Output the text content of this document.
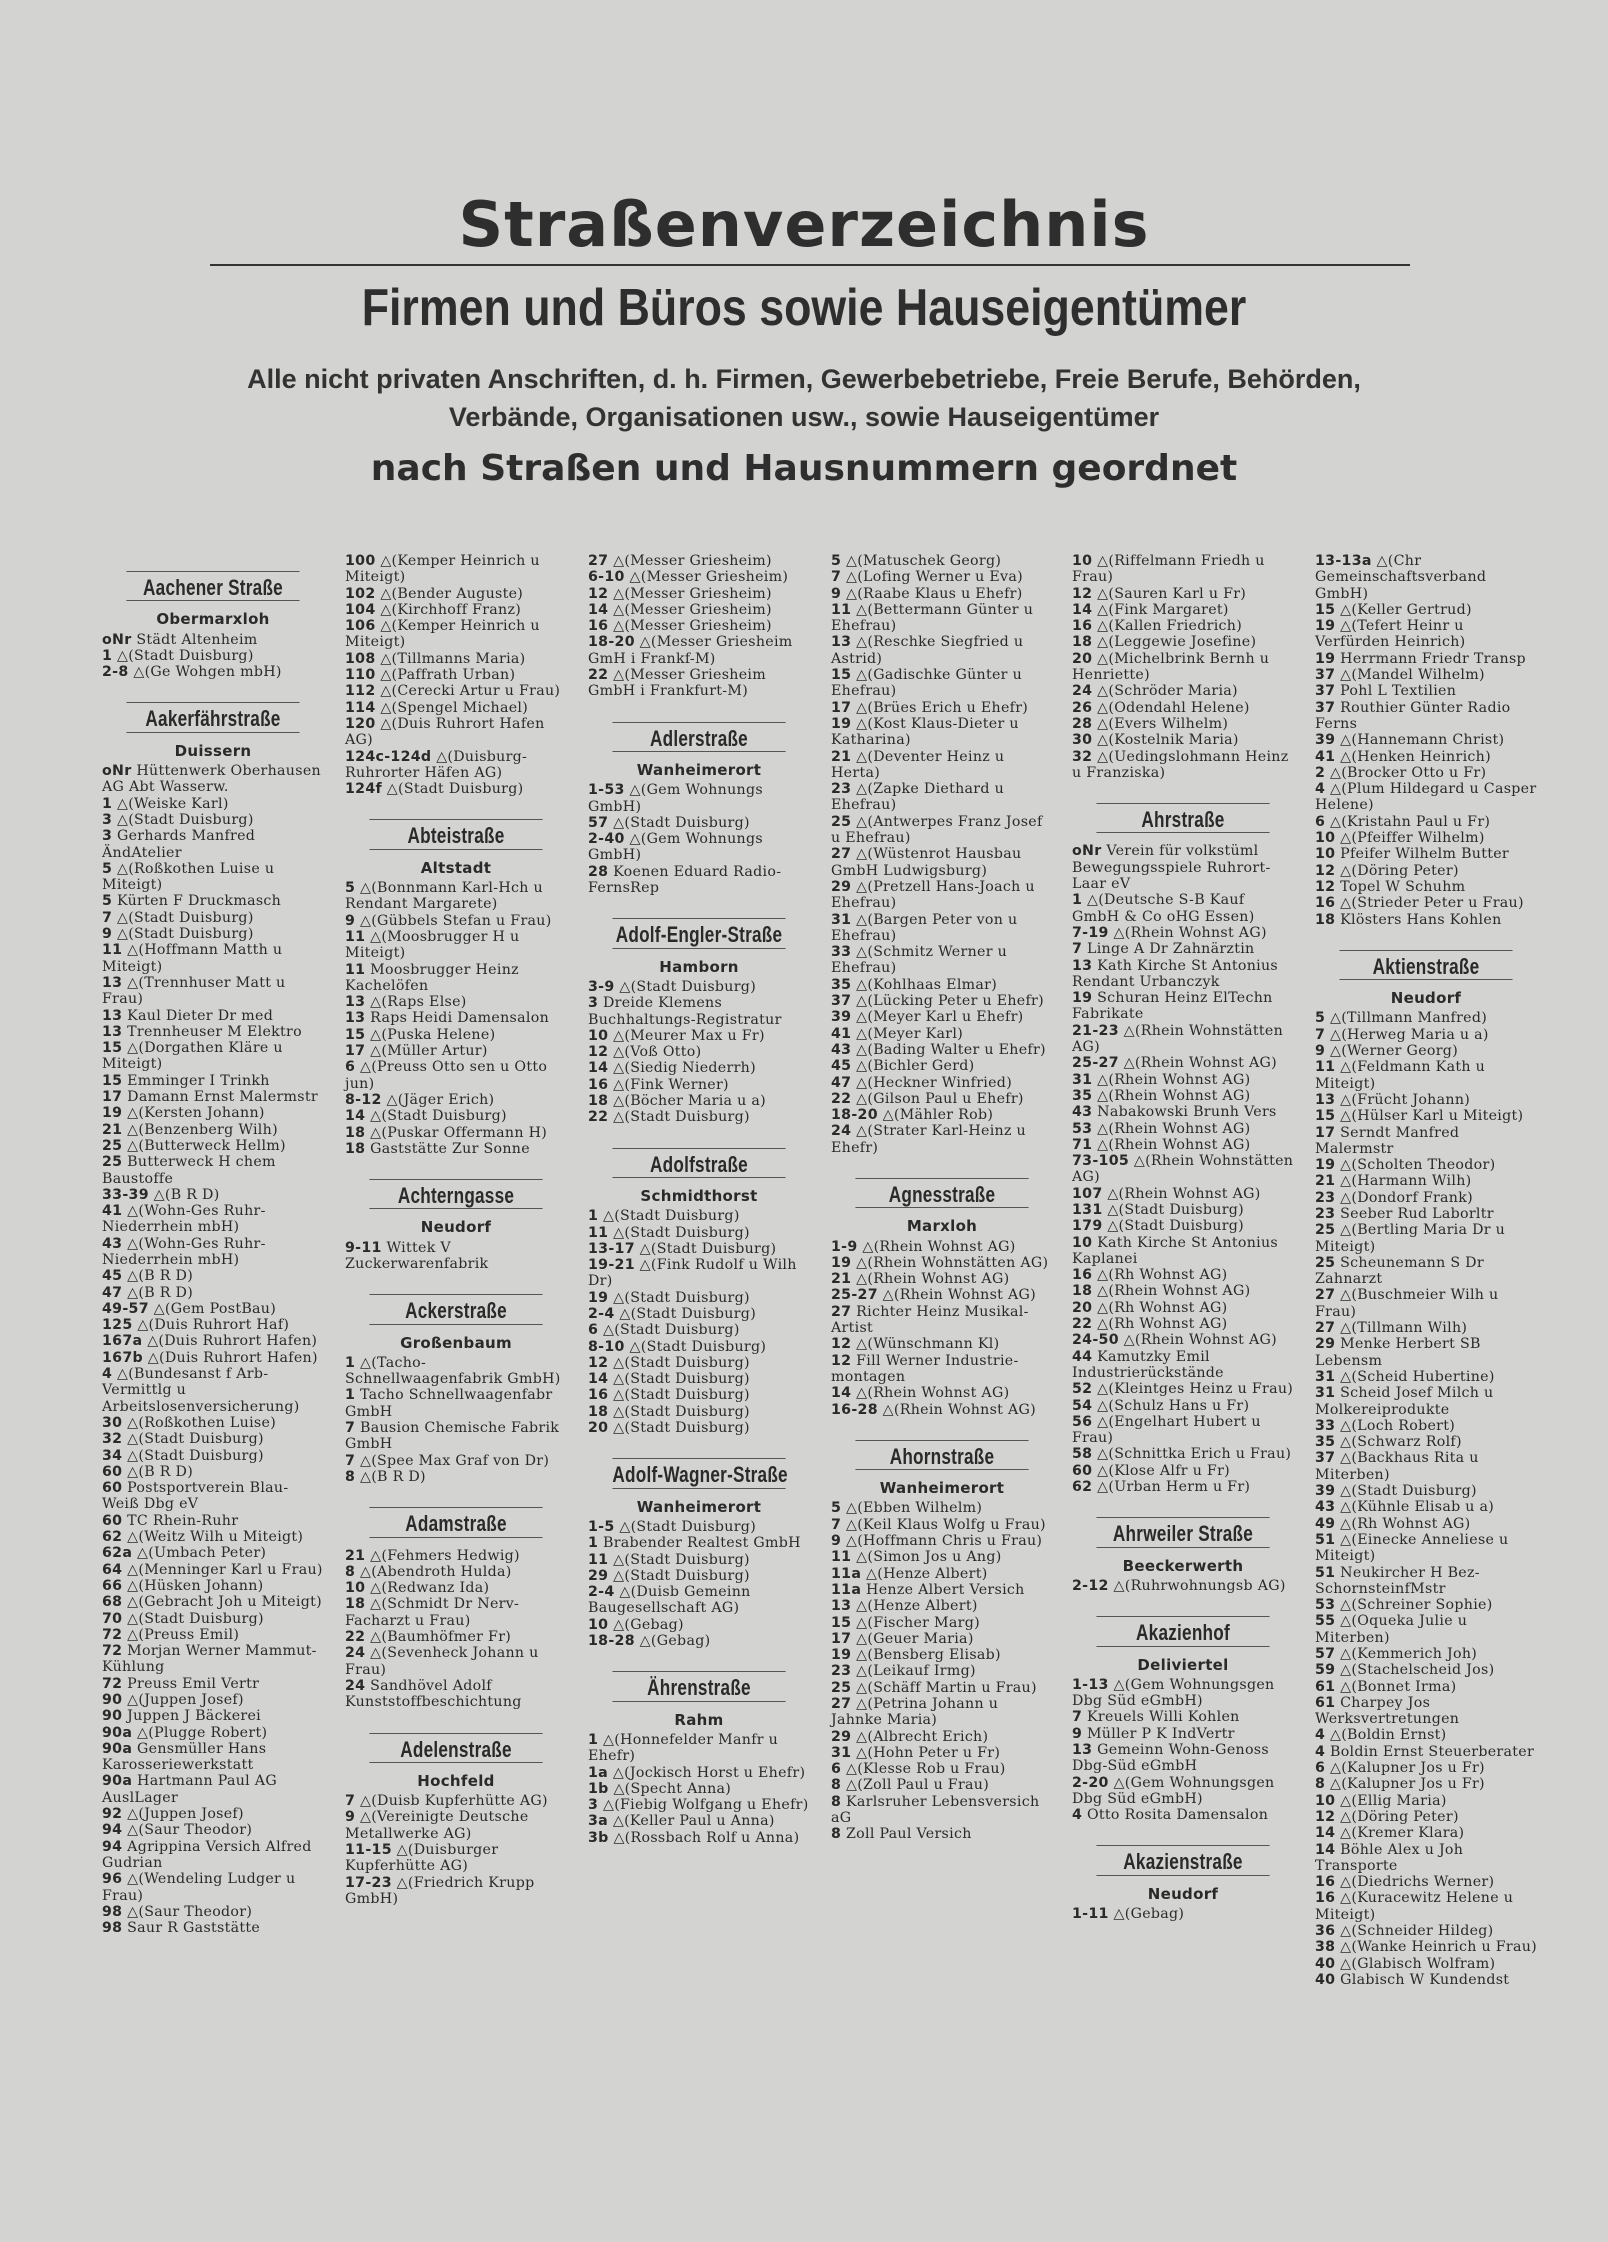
Straßenverzeichnis
Firmen und Büros sowie Hauseigentümer
Alle nicht privaten Anschriften, d. h. Firmen, Gewerbebetriebe, Freie Berufe, Behörden,
Verbände, Organisationen usw., sowie Hauseigentümer
nach Straßen und Hausnummern geordnet
Aachener Straße
Obermarxloh
oNr Städt Altenheim
1 △(Stadt Duisburg)
2-8 △(Ge Wohgen mbH)
Aakerfährstraße
Duissern
oNr Hüttenwerk Oberhausen AG Abt Wasserw.
1 △(Weiske Karl)
3 △(Stadt Duisburg)
3 Gerhards Manfred ÄndAtelier
5 △(Roßkothen Luise u Miteigt)
5 Kürten F Druckmasch
7 △(Stadt Duisburg)
9 △(Stadt Duisburg)
11 △(Hoffmann Matth u Miteigt)
13 △(Trennhuser Matt u Frau)
13 Kaul Dieter Dr med
13 Trennheuser M Elektro
15 △(Dorgathen Kläre u Miteigt)
15 Emminger I Trinkh
17 Damann Ernst Malermstr
19 △(Kersten Johann)
21 △(Benzenberg Wilh)
25 △(Butterweck Hellm)
25 Butterweck H chem Baustoffe
33-39 △(B R D)
41 △(Wohn-Ges Ruhr-Niederrhein mbH)
43 △(Wohn-Ges Ruhr-Niederrhein mbH)
45 △(B R D)
47 △(B R D)
49-57 △(Gem PostBau)
125 △(Duis Ruhrort Haf)
167a △(Duis Ruhrort Hafen)
167b △(Duis Ruhrort Hafen)
4 △(Bundesanst f Arb-Vermittlg u Arbeitslosenversicherung)
30 △(Roßkothen Luise)
32 △(Stadt Duisburg)
34 △(Stadt Duisburg)
60 △(B R D)
60 Postsportverein Blau-Weiß Dbg eV
60 TC Rhein-Ruhr
62 △(Weitz Wilh u Miteigt)
62a △(Umbach Peter)
64 △(Menninger Karl u Frau)
66 △(Hüsken Johann)
68 △(Gebracht Joh u Miteigt)
70 △(Stadt Duisburg)
72 △(Preuss Emil)
72 Morjan Werner Mammut-Kühlung
72 Preuss Emil Vertr
90 △(Juppen Josef)
90 Juppen J Bäckerei
90a △(Plugge Robert)
90a Gensmüller Hans Karosseriewerkstatt
90a Hartmann Paul AG AuslLager
92 △(Juppen Josef)
94 △(Saur Theodor)
94 Agrippina Versich Alfred Gudrian
96 △(Wendeling Ludger u Frau)
98 △(Saur Theodor)
98 Saur R Gaststätte
100 △(Kemper Heinrich u Miteigt)
102 △(Bender Auguste)
104 △(Kirchhoff Franz)
106 △(Kemper Heinrich u Miteigt)
108 △(Tillmanns Maria)
110 △(Paffrath Urban)
112 △(Cerecki Artur u Frau)
114 △(Spengel Michael)
120 △(Duis Ruhrort Hafen AG)
124c-124d △(Duisburg-Ruhrorter Häfen AG)
124f △(Stadt Duisburg)
Abteistraße
Altstadt
5 △(Bonnmann Karl-Hch u Rendant Margarete)
9 △(Gübbels Stefan u Frau)
11 △(Moosbrugger H u Miteigt)
11 Moosbrugger Heinz Kachelöfen
13 △(Raps Else)
13 Raps Heidi Damensalon
15 △(Puska Helene)
17 △(Müller Artur)
6 △(Preuss Otto sen u Otto jun)
8-12 △(Jäger Erich)
14 △(Stadt Duisburg)
18 △(Puskar Offermann H)
18 Gaststätte Zur Sonne
Achterngasse
Neudorf
9-11 Wittek V Zuckerwarenfabrik
Ackerstraße
Großenbaum
1 △(Tacho-Schnellwaagenfabrik GmbH)
1 Tacho Schnellwaagenfabr GmbH
7 Bausion Chemische Fabrik GmbH
7 △(Spee Max Graf von Dr)
8 △(B R D)
Adamstraße
21 △(Fehmers Hedwig)
8 △(Abendroth Hulda)
10 △(Redwanz Ida)
18 △(Schmidt Dr Nerv-Facharzt u Frau)
22 △(Baumhöfmer Fr)
24 △(Sevenheck Johann u Frau)
24 Sandhövel Adolf Kunststoffbeschichtung
Adelenstraße
Hochfeld
7 △(Duisb Kupferhütte AG)
9 △(Vereinigte Deutsche Metallwerke AG)
11-15 △(Duisburger Kupferhütte AG)
17-23 △(Friedrich Krupp GmbH)
27 △(Messer Griesheim)
6-10 △(Messer Griesheim)
12 △(Messer Griesheim)
14 △(Messer Griesheim)
16 △(Messer Griesheim)
18-20 △(Messer Griesheim GmH i Frankf-M)
22 △(Messer Griesheim GmbH i Frankfurt-M)
Adlerstraße
Wanheimerort
1-53 △(Gem Wohnungs GmbH)
57 △(Stadt Duisburg)
2-40 △(Gem Wohnungs GmbH)
28 Koenen Eduard Radio-FernsRep
Adolf-Engler-Straße
Hamborn
3-9 △(Stadt Duisburg)
3 Dreide Klemens Buchhaltungs-Registratur
10 △(Meurer Max u Fr)
12 △(Voß Otto)
14 △(Siedig Niederrh)
16 △(Fink Werner)
18 △(Böcher Maria u a)
22 △(Stadt Duisburg)
Adolfstraße
Schmidthorst
1 △(Stadt Duisburg)
11 △(Stadt Duisburg)
13-17 △(Stadt Duisburg)
19-21 △(Fink Rudolf u Wilh Dr)
19 △(Stadt Duisburg)
2-4 △(Stadt Duisburg)
6 △(Stadt Duisburg)
8-10 △(Stadt Duisburg)
12 △(Stadt Duisburg)
14 △(Stadt Duisburg)
16 △(Stadt Duisburg)
18 △(Stadt Duisburg)
20 △(Stadt Duisburg)
Adolf-Wagner-Straße
Wanheimerort
1-5 △(Stadt Duisburg)
1 Brabender Realtest GmbH
11 △(Stadt Duisburg)
29 △(Stadt Duisburg)
2-4 △(Duisb Gemeinn Baugesellschaft AG)
10 △(Gebag)
18-28 △(Gebag)
Ährenstraße
Rahm
1 △(Honnefelder Manfr u Ehefr)
1a △(Jockisch Horst u Ehefr)
1b △(Specht Anna)
3 △(Fiebig Wolfgang u Ehefr)
3a △(Keller Paul u Anna)
3b △(Rossbach Rolf u Anna)
5 △(Matuschek Georg)
7 △(Lofing Werner u Eva)
9 △(Raabe Klaus u Ehefr)
11 △(Bettermann Günter u Ehefrau)
13 △(Reschke Siegfried u Astrid)
15 △(Gadischke Günter u Ehefrau)
17 △(Brües Erich u Ehefr)
19 △(Kost Klaus-Dieter u Katharina)
21 △(Deventer Heinz u Herta)
23 △(Zapke Diethard u Ehefrau)
25 △(Antwerpes Franz Josef u Ehefrau)
27 △(Wüstenrot Hausbau GmbH Ludwigsburg)
29 △(Pretzell Hans-Joach u Ehefrau)
31 △(Bargen Peter von u Ehefrau)
33 △(Schmitz Werner u Ehefrau)
35 △(Kohlhaas Elmar)
37 △(Lücking Peter u Ehefr)
39 △(Meyer Karl u Ehefr)
41 △(Meyer Karl)
43 △(Bading Walter u Ehefr)
45 △(Bichler Gerd)
47 △(Heckner Winfried)
22 △(Gilson Paul u Ehefr)
18-20 △(Mähler Rob)
24 △(Strater Karl-Heinz u Ehefr)
Agnesstraße
Marxloh
1-9 △(Rhein Wohnst AG)
19 △(Rhein Wohnstätten AG)
21 △(Rhein Wohnst AG)
25-27 △(Rhein Wohnst AG)
27 Richter Heinz Musikal-Artist
12 △(Wünschmann Kl)
12 Fill Werner Industrie-montagen
14 △(Rhein Wohnst AG)
16-28 △(Rhein Wohnst AG)
Ahornstraße
Wanheimerort
5 △(Ebben Wilhelm)
7 △(Keil Klaus Wolfg u Frau)
9 △(Hoffmann Chris u Frau)
11 △(Simon Jos u Ang)
11a △(Henze Albert)
11a Henze Albert Versich
13 △(Henze Albert)
15 △(Fischer Marg)
17 △(Geuer Maria)
19 △(Bensberg Elisab)
23 △(Leikauf Irmg)
25 △(Schäff Martin u Frau)
27 △(Petrina Johann u Jahnke Maria)
29 △(Albrecht Erich)
31 △(Hohn Peter u Fr)
6 △(Klesse Rob u Frau)
8 △(Zoll Paul u Frau)
8 Karlsruher Lebensversich aG
8 Zoll Paul Versich
10 △(Riffelmann Friedh u Frau)
12 △(Sauren Karl u Fr)
14 △(Fink Margaret)
16 △(Kallen Friedrich)
18 △(Leggewie Josefine)
20 △(Michelbrink Bernh u Henriette)
24 △(Schröder Maria)
26 △(Odendahl Helene)
28 △(Evers Wilhelm)
30 △(Kostelnik Maria)
32 △(Uedingslohmann Heinz u Franziska)
Ahrstraße
oNr Verein für volkstüml Bewegungsspiele Ruhrort-Laar eV
1 △(Deutsche S-B Kauf GmbH & Co oHG Essen)
7-19 △(Rhein Wohnst AG)
7 Linge A Dr Zahnärztin
13 Kath Kirche St Antonius Rendant Urbanczyk
19 Schuran Heinz ElTechn Fabrikate
21-23 △(Rhein Wohnstätten AG)
25-27 △(Rhein Wohnst AG)
31 △(Rhein Wohnst AG)
35 △(Rhein Wohnst AG)
43 Nabakowski Brunh Vers
53 △(Rhein Wohnst AG)
71 △(Rhein Wohnst AG)
73-105 △(Rhein Wohnstätten AG)
107 △(Rhein Wohnst AG)
131 △(Stadt Duisburg)
179 △(Stadt Duisburg)
10 Kath Kirche St Antonius Kaplanei
16 △(Rh Wohnst AG)
18 △(Rhein Wohnst AG)
20 △(Rh Wohnst AG)
22 △(Rh Wohnst AG)
24-50 △(Rhein Wohnst AG)
44 Kamutzky Emil Industrierückstände
52 △(Kleintges Heinz u Frau)
54 △(Schulz Hans u Fr)
56 △(Engelhart Hubert u Frau)
58 △(Schnittka Erich u Frau)
60 △(Klose Alfr u Fr)
62 △(Urban Herm u Fr)
Ahrweiler Straße
Beeckerwerth
2-12 △(Ruhrwohnungsb AG)
Akazienhof
Deliviertel
1-13 △(Gem Wohnungsgen Dbg Süd eGmbH)
7 Kreuels Willi Kohlen
9 Müller P K IndVertr
13 Gemeinn Wohn-Genoss Dbg-Süd eGmbH
2-20 △(Gem Wohnungsgen Dbg Süd eGmbH)
4 Otto Rosita Damensalon
Akazienstraße
Neudorf
1-11 △(Gebag)
13-13a △(Chr Gemeinschaftsverband GmbH)
15 △(Keller Gertrud)
19 △(Tefert Heinr u Verfürden Heinrich)
19 Herrmann Friedr Transp
37 △(Mandel Wilhelm)
37 Pohl L Textilien
37 Routhier Günter Radio Ferns
39 △(Hannemann Christ)
41 △(Henken Heinrich)
2 △(Brocker Otto u Fr)
4 △(Plum Hildegard u Casper Helene)
6 △(Kristahn Paul u Fr)
10 △(Pfeiffer Wilhelm)
10 Pfeifer Wilhelm Butter
12 △(Döring Peter)
12 Topel W Schuhm
16 △(Strieder Peter u Frau)
18 Klösters Hans Kohlen
Aktienstraße
Neudorf
5 △(Tillmann Manfred)
7 △(Herweg Maria u a)
9 △(Werner Georg)
11 △(Feldmann Kath u Miteigt)
13 △(Frücht Johann)
15 △(Hülser Karl u Miteigt)
17 Serndt Manfred Malermstr
19 △(Scholten Theodor)
21 △(Harmann Wilh)
23 △(Dondorf Frank)
23 Seeber Rud Laborltr
25 △(Bertling Maria Dr u Miteigt)
25 Scheunemann S Dr Zahnarzt
27 △(Buschmeier Wilh u Frau)
27 △(Tillmann Wilh)
29 Menke Herbert SB Lebensm
31 △(Scheid Hubertine)
31 Scheid Josef Milch u Molkereiprodukte
33 △(Loch Robert)
35 △(Schwarz Rolf)
37 △(Backhaus Rita u Miterben)
39 △(Stadt Duisburg)
43 △(Kühnle Elisab u a)
49 △(Rh Wohnst AG)
51 △(Einecke Anneliese u Miteigt)
51 Neukircher H Bez-SchornsteinfMstr
53 △(Schreiner Sophie)
55 △(Oqueka Julie u Miterben)
57 △(Kemmerich Joh)
59 △(Stachelscheid Jos)
61 △(Bonnet Irma)
61 Charpey Jos Werksvertretungen
4 △(Boldin Ernst)
4 Boldin Ernst Steuerberater
6 △(Kalupner Jos u Fr)
8 △(Kalupner Jos u Fr)
10 △(Ellig Maria)
12 △(Döring Peter)
14 △(Kremer Klara)
14 Böhle Alex u Joh Transporte
16 △(Diedrichs Werner)
16 △(Kuracewitz Helene u Miteigt)
36 △(Schneider Hildeg)
38 △(Wanke Heinrich u Frau)
40 △(Glabisch Wolfram)
40 Glabisch W Kundendst
